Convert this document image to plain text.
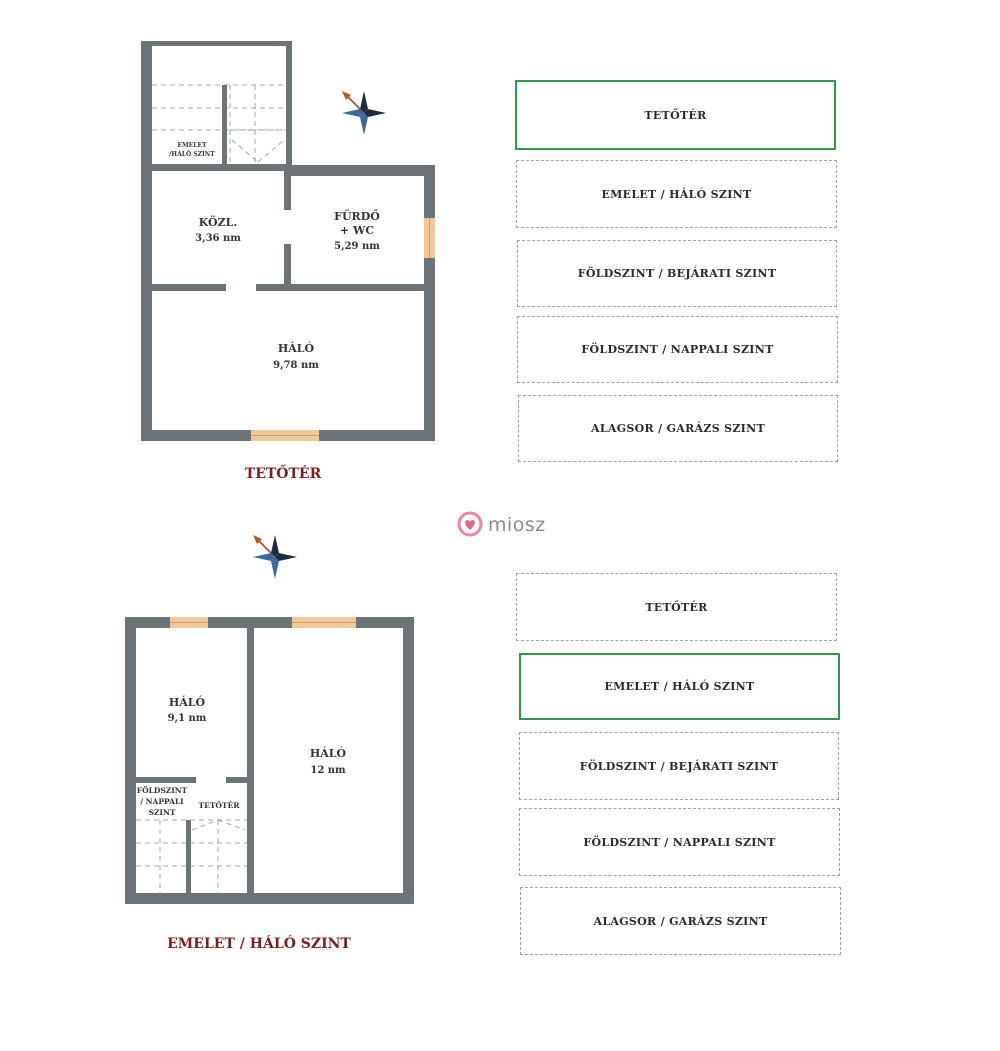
EMELET
/HÁLÓ SZINT
KÖZL.
3,36 nm
FÜRDŐ
+ WC
5,29 nm
HÁLÓ
9,78 nm
TETŐTÉR
FÖLDSZINT
/ NAPPALI
SZINT
TETŐTÉR
HÁLÓ
9,1 nm
HÁLÓ
12 nm
EMELET / HÁLÓ SZINT
miosz
TETŐTÉR
EMELET / HÁLÓ SZINT
FÖLDSZINT / BEJÁRATI SZINT
FÖLDSZINT / NAPPALI SZINT
ALAGSOR / GARÁZS SZINT
TETŐTÉR
EMELET / HÁLÓ SZINT
FÖLDSZINT / BEJÁRATI SZINT
FÖLDSZINT / NAPPALI SZINT
ALAGSOR / GARÁZS SZINT
